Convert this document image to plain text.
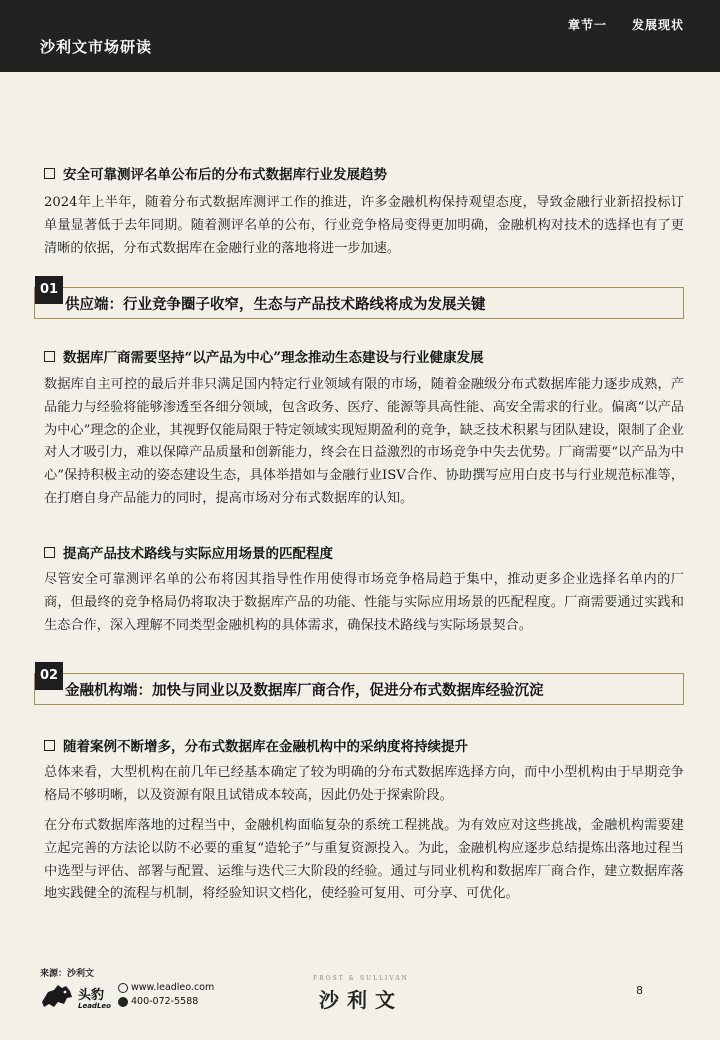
沙利文市场研读
章节一 发展现状
安全可靠测评名单公布后的分布式数据库行业发展趋势
2024年上半年，随着分布式数据库测评工作的推进，许多金融机构保持观望态度，导致金融行业新招投标订单量显著低于去年同期。随着测评名单的公布，行业竞争格局变得更加明确，金融机构对技术的选择也有了更清晰的依据，分布式数据库在金融行业的落地将进一步加速。
01
供应端：行业竞争圈子收窄，生态与产品技术路线将成为发展关键
数据库厂商需要坚持“以产品为中心”理念推动生态建设与行业健康发展
数据库自主可控的最后并非只满足国内特定行业领域有限的市场，随着金融级分布式数据库能力逐步成熟，产品能力与经验将能够渗透至各细分领域，包含政务、医疗、能源等具高性能、高安全需求的行业。偏离“以产品为中心”理念的企业，其视野仅能局限于特定领域实现短期盈利的竞争，缺乏技术积累与团队建设，限制了企业对人才吸引力，难以保障产品质量和创新能力，终会在日益激烈的市场竞争中失去优势。厂商需要“以产品为中心”保持积极主动的姿态建设生态，具体举措如与金融行业ISV合作、协助撰写应用白皮书与行业规范标准等，在打磨自身产品能力的同时，提高市场对分布式数据库的认知。
提高产品技术路线与实际应用场景的匹配程度
尽管安全可靠测评名单的公布将因其指导性作用使得市场竞争格局趋于集中，推动更多企业选择名单内的厂商，但最终的竞争格局仍将取决于数据库产品的功能、性能与实际应用场景的匹配程度。厂商需要通过实践和生态合作，深入理解不同类型金融机构的具体需求，确保技术路线与实际场景契合。
02
金融机构端：加快与同业以及数据库厂商合作，促进分布式数据库经验沉淀
随着案例不断增多，分布式数据库在金融机构中的采纳度将持续提升
总体来看，大型机构在前几年已经基本确定了较为明确的分布式数据库选择方向，而中小型机构由于早期竞争格局不够明晰，以及资源有限且试错成本较高，因此仍处于探索阶段。
在分布式数据库落地的过程当中，金融机构面临复杂的系统工程挑战。为有效应对这些挑战，金融机构需要建立起完善的方法论以防不必要的重复“造轮子”与重复资源投入。为此，金融机构应逐步总结提炼出落地过程当中选型与评估、部署与配置、运维与迭代三大阶段的经验。通过与同业机构和数据库厂商合作，建立数据库落地实践健全的流程与机制，将经验知识文档化，使经验可复用、可分享、可优化。
来源：沙利文
头豹
LeadLeo
www.leadleo.com
400-072-5588
FROST & SULLIVAN
沙利文	8
